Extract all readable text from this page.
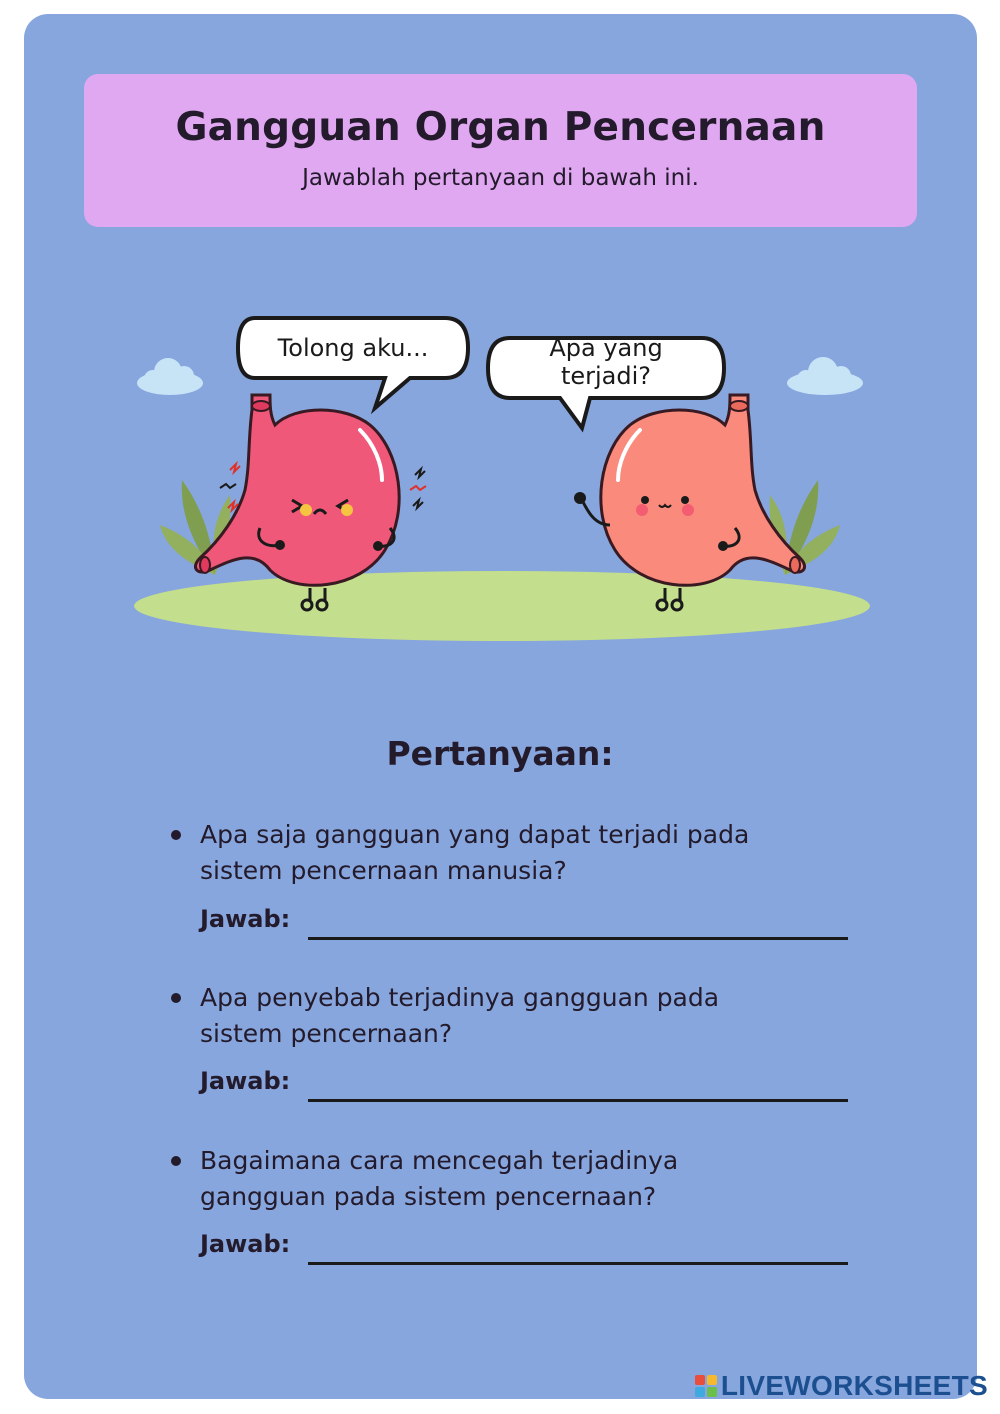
Gangguan Organ Pencernaan
Jawablah pertanyaan di bawah ini.
Tolong aku...	Apa yang
terjadi?
Pertanyaan:
Apa saja gangguan yang dapat terjadi pada
sistem pencernaan manusia?
Jawab:
Apa penyebab terjadinya gangguan pada
sistem pencernaan?
Jawab:
Bagaimana cara mencegah terjadinya
gangguan pada sistem pencernaan?
Jawab:
LIVEWORKSHEETS
